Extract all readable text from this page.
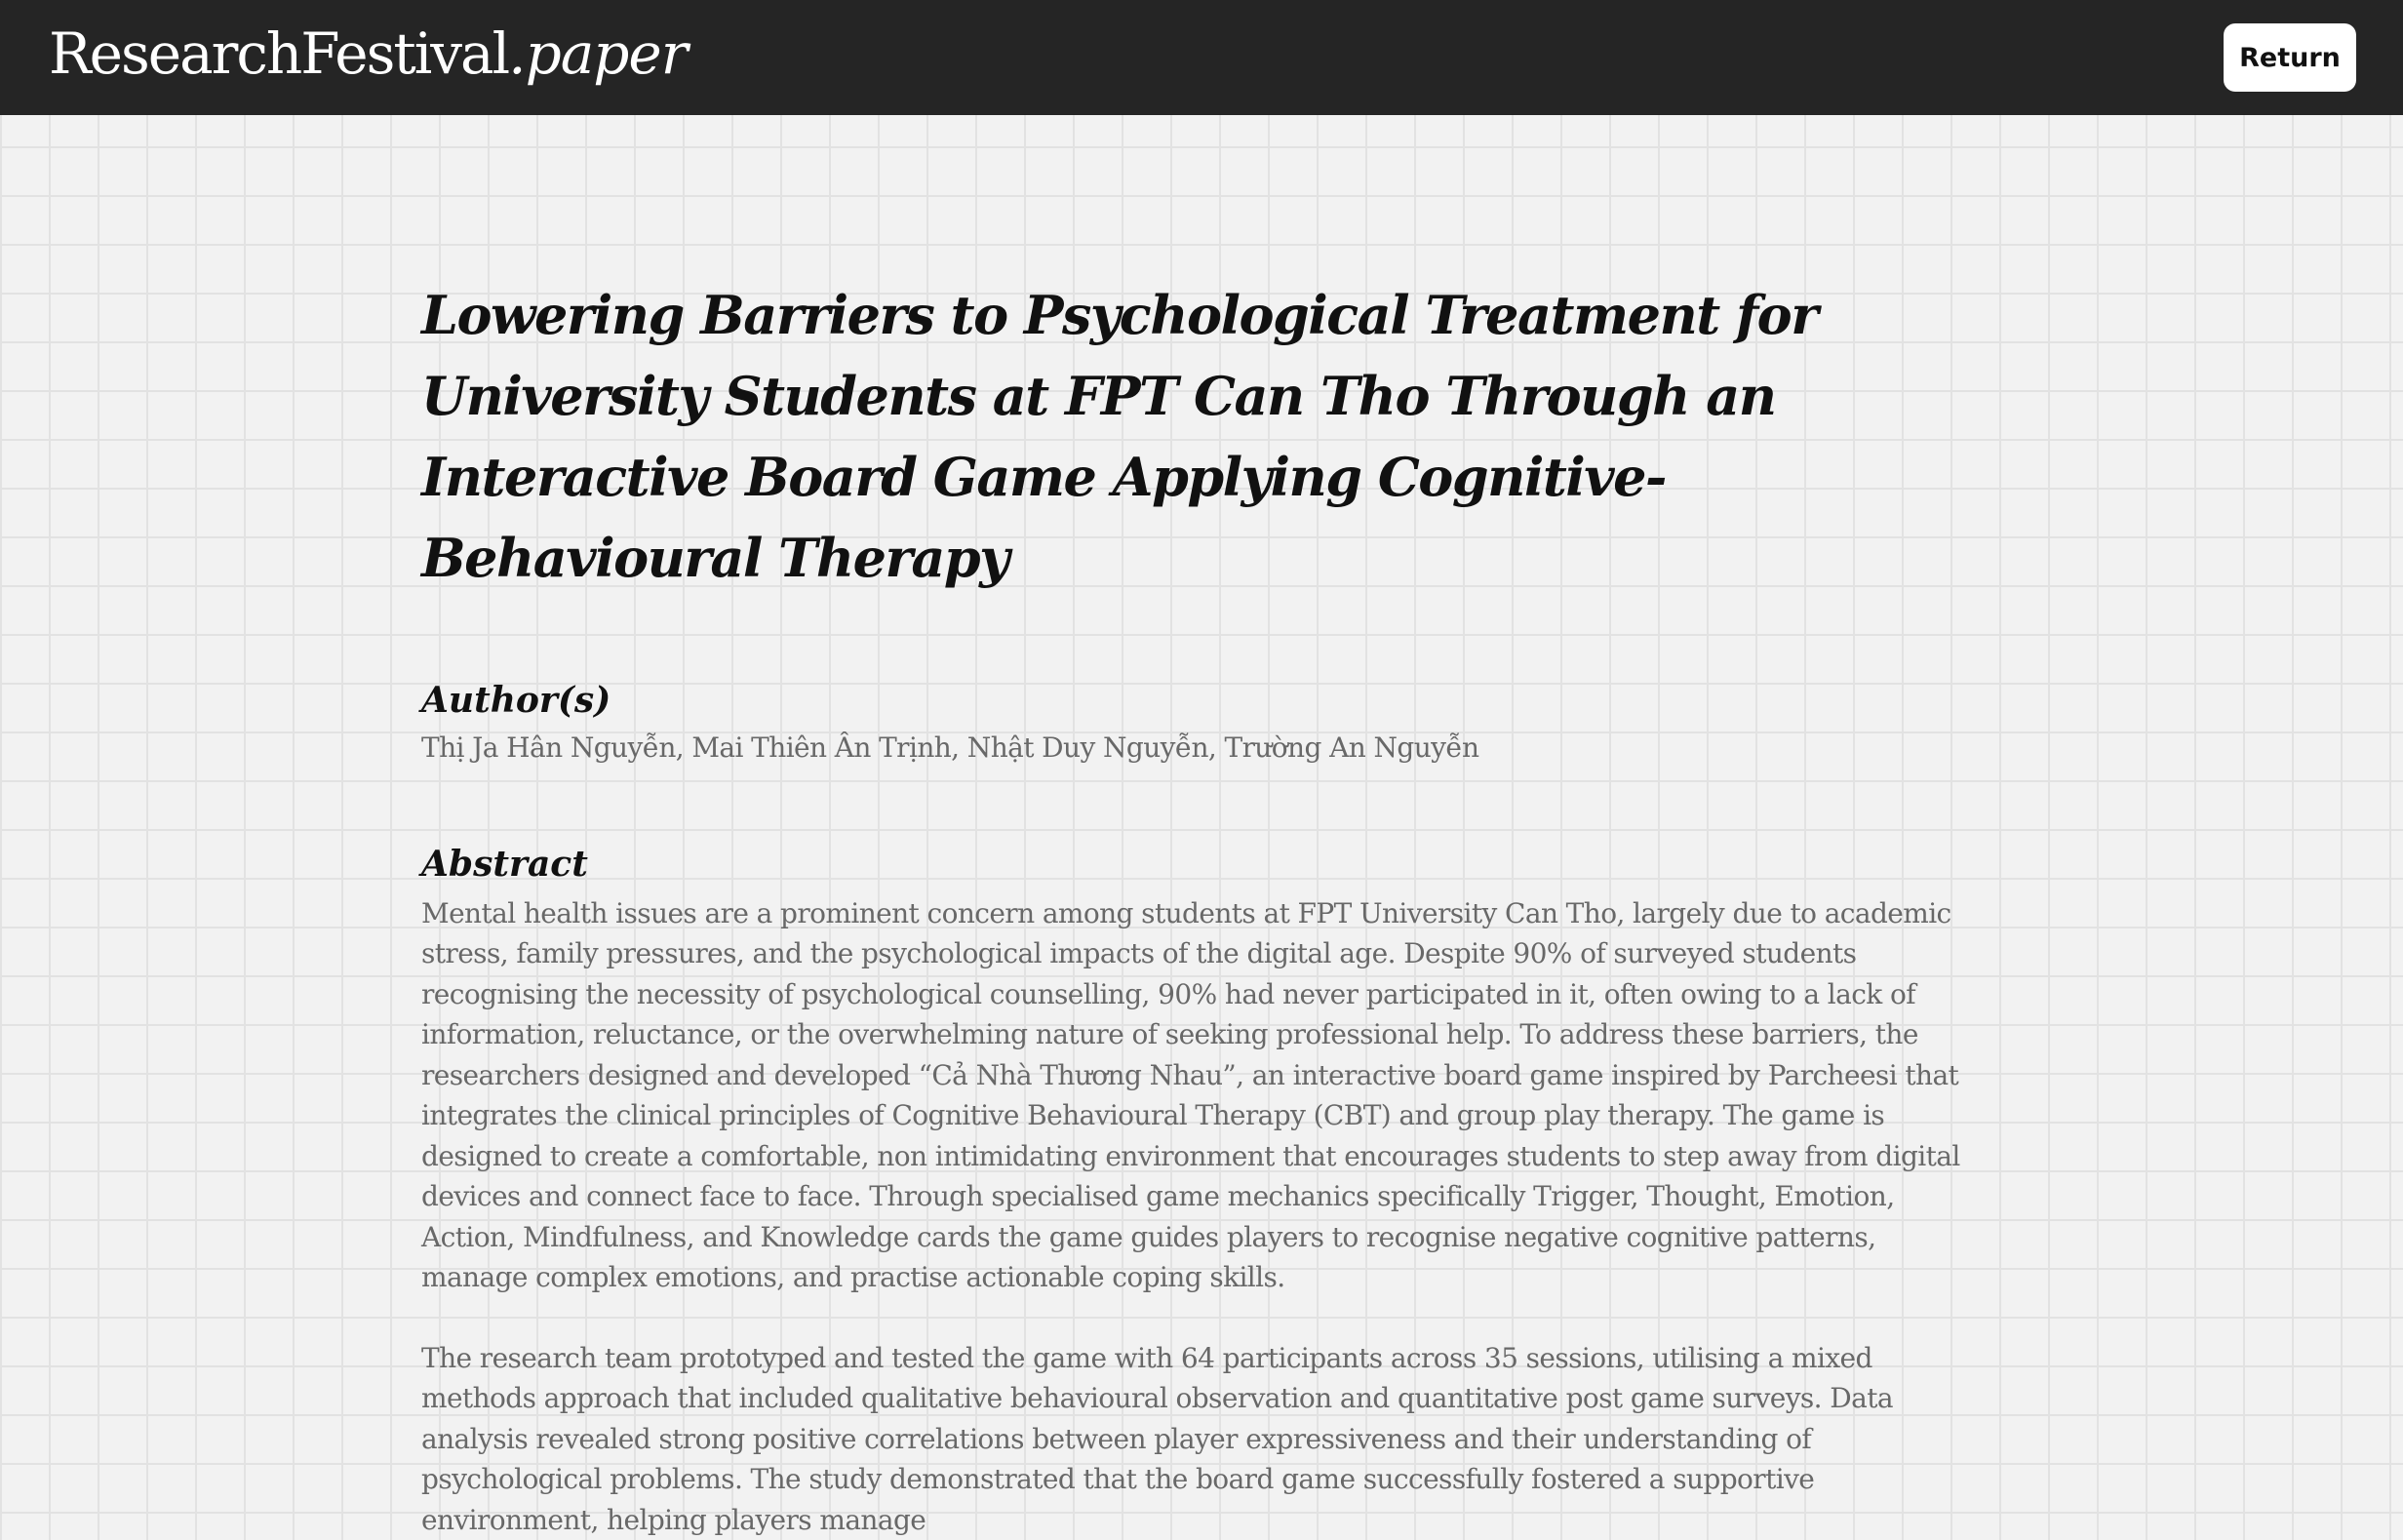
ResearchFestival.paper	Return
Lowering Barriers to Psychological Treatment for University Students at FPT Can Tho Through an Interactive Board Game Applying Cognitive-Behavioural Therapy
Author(s)

Thị Ja Hân Nguyễn, Mai Thiên Ân Trịnh, Nhật Duy Nguyễn, Trường An Nguyễn

Abstract

Mental health issues are a prominent concern among students at FPT University Can Tho, largely due to academic stress, family pressures, and the psychological impacts of the digital age. Despite 90% of surveyed students recognising the necessity of psychological counselling, 90% had never participated in it, often owing to a lack of information, reluctance, or the overwhelming nature of seeking professional help. To address these barriers, the researchers designed and developed “Cả Nhà Thương Nhau”, an interactive board game inspired by Parcheesi that integrates the clinical principles of Cognitive Behavioural Therapy (CBT) and group play therapy. The game is designed to create a comfortable, non intimidating environment that encourages students to step away from digital devices and connect face to face. Through specialised game mechanics specifically Trigger, Thought, Emotion, Action, Mindfulness, and Knowledge cards the game guides players to recognise negative cognitive patterns, manage complex emotions, and practise actionable coping skills.

The research team prototyped and tested the game with 64 participants across 35 sessions, utilising a mixed methods approach that included qualitative behavioural observation and quantitative post game surveys. Data analysis revealed strong positive correlations between player expressiveness and their understanding of psychological problems. The study demonstrated that the board game successfully fostered a supportive environment, helping players manage
